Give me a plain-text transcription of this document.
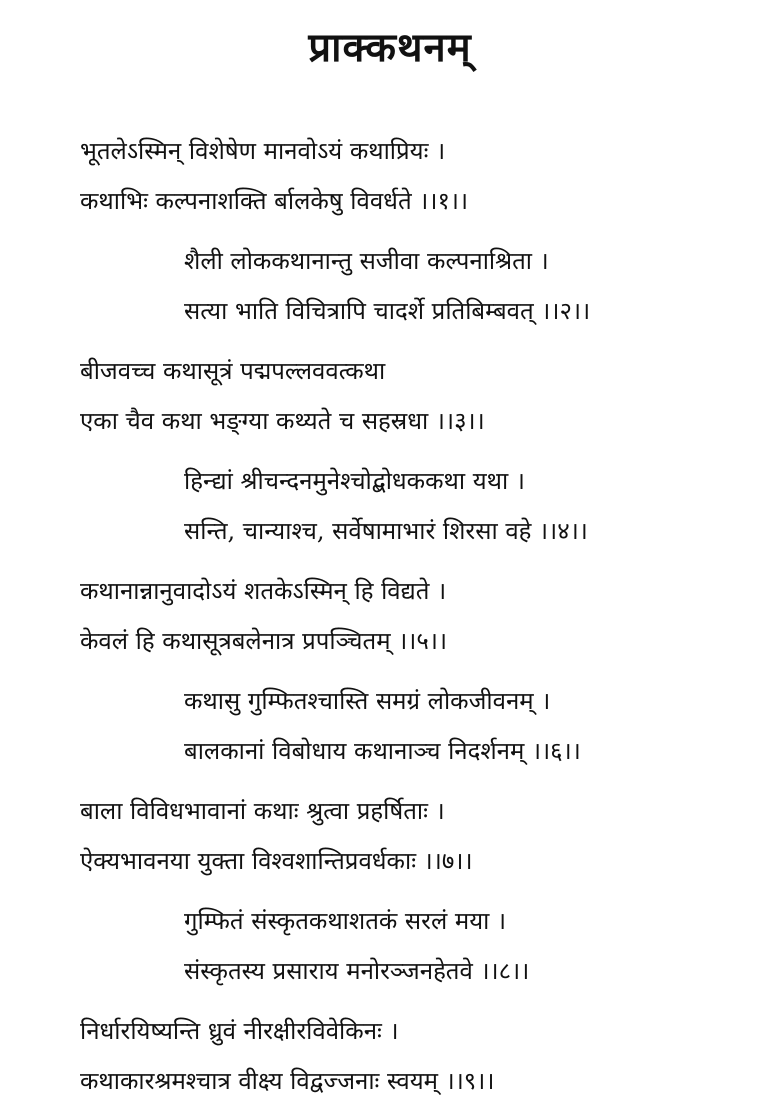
प्राक्कथनम्
भूतलेऽस्मिन् विशेषेण मानवोऽयं कथाप्रियः ।
कथाभिः कल्पनाशक्ति र्बालकेषु विवर्धते ।।१।।
शैली लोककथानान्तु सजीवा कल्पनाश्रिता ।
सत्या भाति विचित्रापि चादर्शे प्रतिबिम्बवत् ।।२।।
बीजवच्च कथासूत्रं पद्मपल्लववत्कथा
एका चैव कथा भङ्ग्या कथ्यते च सहस्रधा ।।३।।
हिन्द्यां श्रीचन्दनमुनेश्चोद्बोधककथा यथा ।
सन्ति, चान्याश्च, सर्वेषामाभारं शिरसा वहे ।।४।।
कथानान्नानुवादोऽयं शतकेऽस्मिन् हि विद्यते ।
केवलं हि कथासूत्रबलेनात्र प्रपञ्चितम् ।।५।।
कथासु गुम्फितश्चास्ति समग्रं लोकजीवनम् ।
बालकानां विबोधाय कथानाञ्च निदर्शनम् ।।६।।
बाला विविधभावानां कथाः श्रुत्वा प्रहर्षिताः ।
ऐक्यभावनया युक्ता विश्वशान्तिप्रवर्धकाः ।।७।।
गुम्फितं संस्कृतकथाशतकं सरलं मया ।
संस्कृतस्य प्रसाराय मनोरञ्जनहेतवे ।।८।।
निर्धारयिष्यन्ति ध्रुवं नीरक्षीरविवेकिनः ।
कथाकारश्रमश्चात्र वीक्ष्य विद्वज्जनाः स्वयम् ।।९।।
